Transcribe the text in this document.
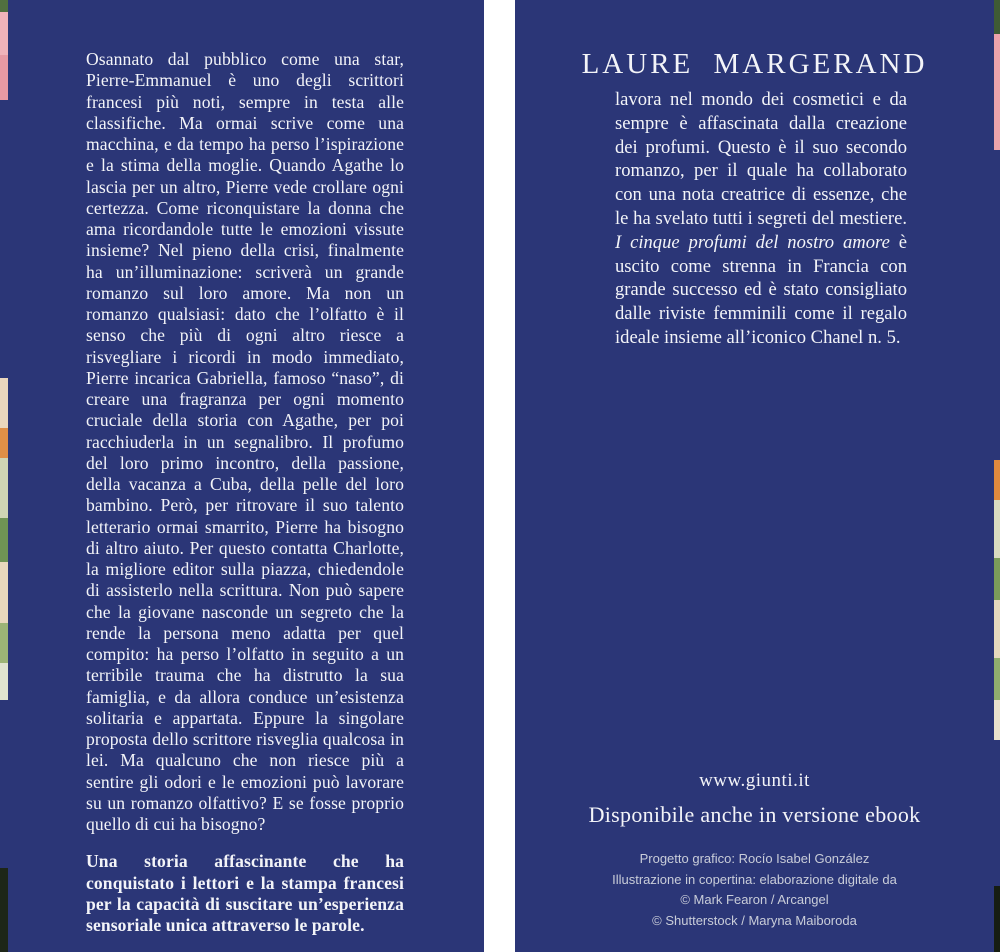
Osannato dal pubblico come una star, Pierre-Emmanuel è uno degli scrittori francesi più noti, sempre in testa alle classifiche. Ma ormai scrive come una macchina, e da tempo ha perso l’ispirazione e la stima della moglie. Quando Agathe lo lascia per un altro, Pierre vede crollare ogni certezza. Come riconquistare la donna che ama ricordandole tutte le emozioni vissute insieme? Nel pieno della crisi, finalmente ha un’illuminazione: scriverà un grande romanzo sul loro amore. Ma non un romanzo qualsiasi: dato che l’olfatto è il senso che più di ogni altro riesce a risvegliare i ricordi in modo immediato, Pierre incarica Gabriella, famoso “naso”, di creare una fragranza per ogni momento cruciale della storia con Agathe, per poi racchiuderla in un segnalibro. Il profumo del loro primo incontro, della passione, della vacanza a Cuba, della pelle del loro bambino. Però, per ritrovare il suo talento letterario ormai smarrito, Pierre ha bisogno di altro aiuto. Per questo contatta Charlotte, la migliore editor sulla piazza, chiedendole di assisterlo nella scrittura. Non può sapere che la giovane nasconde un segreto che la rende la persona meno adatta per quel compito: ha perso l’olfatto in seguito a un terribile trauma che ha distrutto la sua famiglia, e da allora conduce un’esistenza solitaria e appartata. Eppure la singolare proposta dello scrittore risveglia qualcosa in lei. Ma qualcuno che non riesce più a sentire gli odori e le emozioni può lavorare su un romanzo olfattivo? E se fosse proprio quello di cui ha bisogno?

Una storia affascinante che ha conquistato i lettori e la stampa francesi per la capacità di suscitare un’esperienza sensoriale unica attraverso le parole.

LAURE MARGERAND

lavora nel mondo dei cosmetici e da sempre è affascinata dalla creazione dei profumi. Questo è il suo secondo romanzo, per il quale ha collaborato con una nota creatrice di essenze, che le ha svelato tutti i segreti del mestiere. I cinque profumi del nostro amore è uscito come strenna in Francia con grande successo ed è stato consigliato dalle riviste femminili come il regalo ideale insieme all’iconico Chanel n. 5.

www.giunti.it
Disponibile anche in versione ebook
Progetto grafico: Rocío Isabel González
Illustrazione in copertina: elaborazione digitale da
© Mark Fearon / Arcangel
© Shutterstock / Maryna Maiboroda
